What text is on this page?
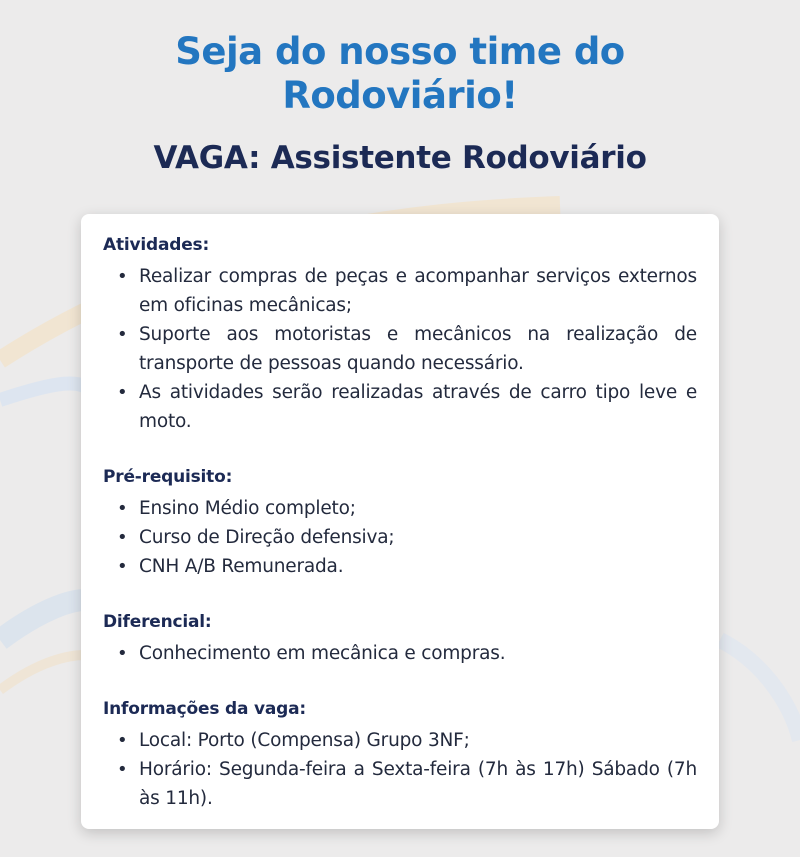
Seja do nosso time do
Rodoviário!
VAGA: Assistente Rodoviário
Atividades:
• Realizar compras de peças e acompanhar serviços externos em oficinas mecânicas;
• Suporte aos motoristas e mecânicos na realização de transporte de pessoas quando necessário.
• As atividades serão realizadas através de carro tipo leve e moto.
Pré-requisito:
• Ensino Médio completo;
• Curso de Direção defensiva;
• CNH A/B Remunerada.
Diferencial:
• Conhecimento em mecânica e compras.
Informações da vaga:
• Local: Porto (Compensa) Grupo 3NF;
• Horário: Segunda-feira a Sexta-feira (7h às 17h) Sábado (7h às 11h).
